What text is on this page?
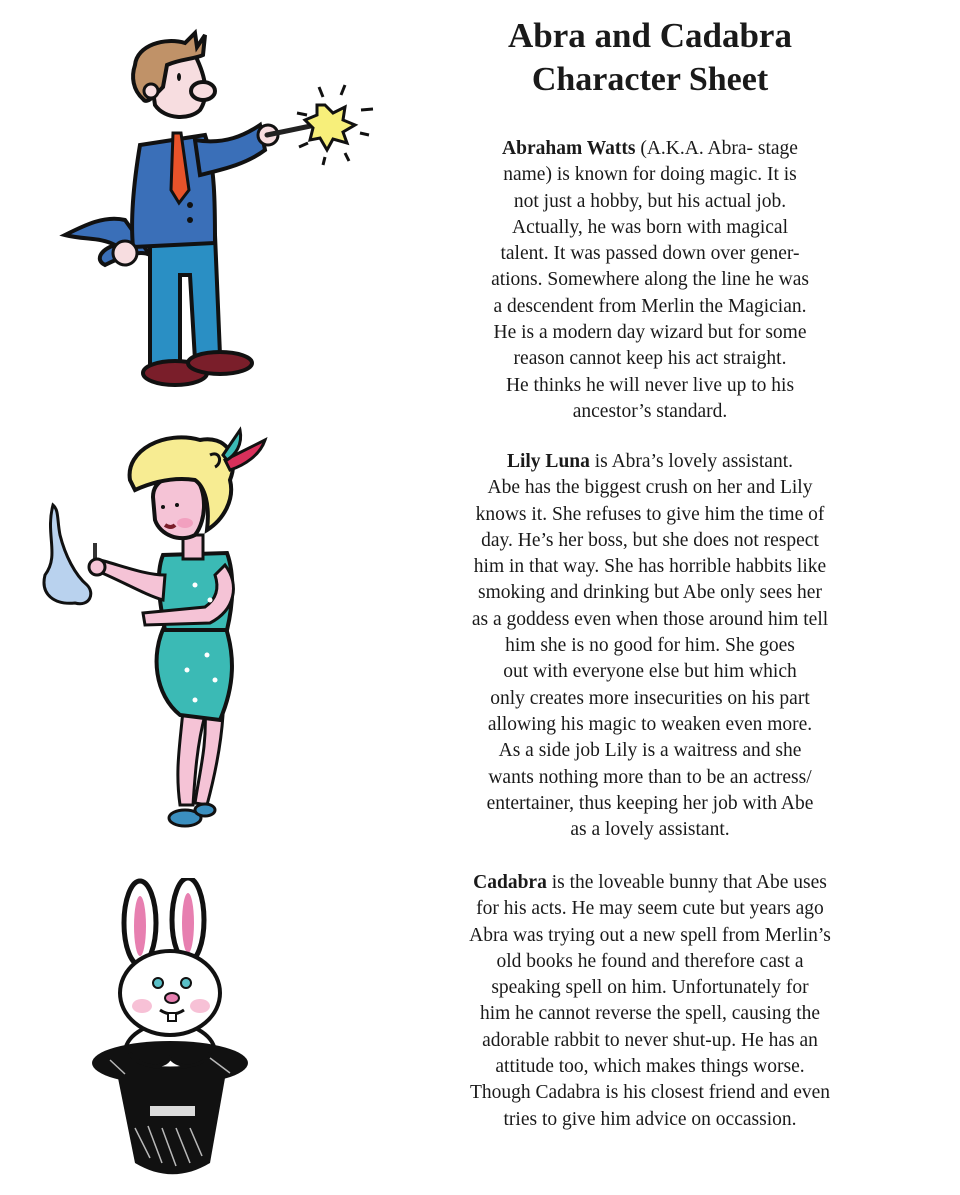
Abra and Cadabra
Character Sheet

Abraham Watts (A.K.A. Abra- stage
name) is known for doing magic. It is
not just a hobby, but his actual job.
Actually, he was born with magical
talent. It was passed down over gener-
ations. Somewhere along the line he was
a descendent from Merlin the Magician.
He is a modern day wizard but for some
reason cannot keep his act straight.
He thinks he will never live up to his
ancestor’s standard.

Lily Luna is Abra’s lovely assistant.
Abe has the biggest crush on her and Lily
knows it. She refuses to give him the time of
day. He’s her boss, but she does not respect
him in that way. She has horrible habbits like
smoking and drinking but Abe only sees her
as a goddess even when those around him tell
him she is no good for him. She goes
out with everyone else but him which
only creates more insecurities on his part
allowing his magic to weaken even more.
As a side job Lily is a waitress and she
wants nothing more than to be an actress/
entertainer, thus keeping her job with Abe
as a lovely assistant.

Cadabra is the loveable bunny that Abe uses
for his acts. He may seem cute but years ago
Abra was trying out a new spell from Merlin’s
old books he found and therefore cast a
speaking spell on him. Unfortunately for
him he cannot reverse the spell, causing the
adorable rabbit to never shut-up. He has an
attitude too, which makes things worse.
Though Cadabra is his closest friend and even
tries to give him advice on occassion.
